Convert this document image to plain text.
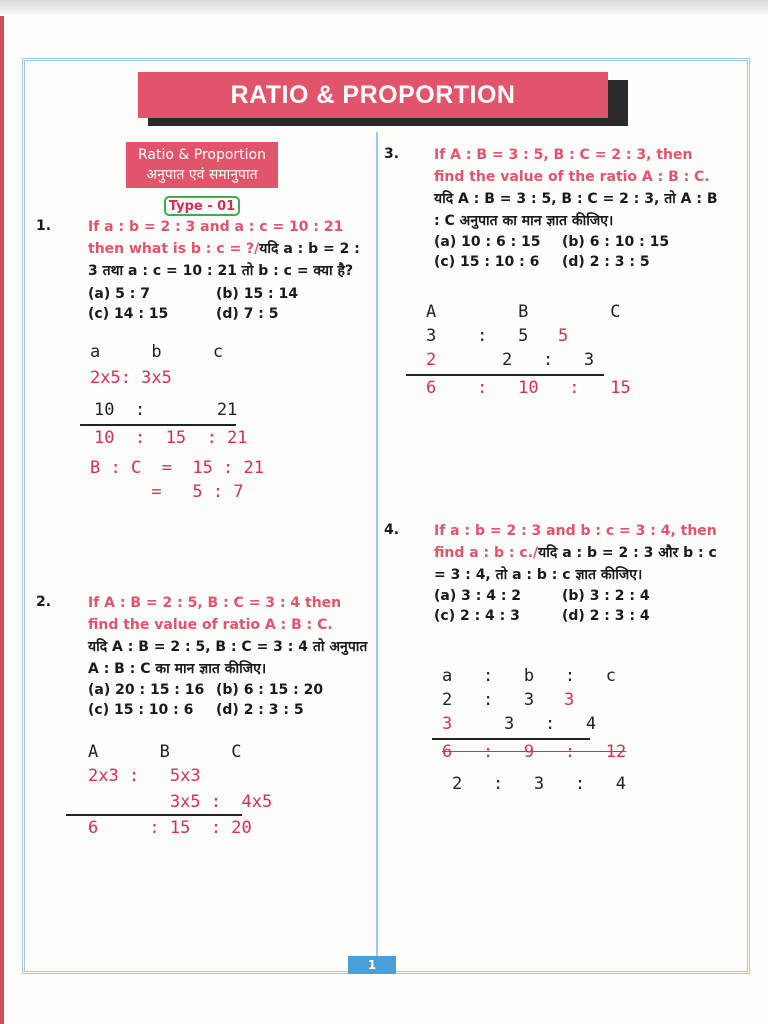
RATIO & PROPORTION
Ratio & Proportion
अनुपात एवं समानुपात
Type - 01
1.	If a : b = 2 : 3 and a : c = 10 : 21 then what is b : c = ?/यदि a : b = 2 : 3 तथा a : c = 10 : 21 तो b : c = क्या है?
(a) 5 : 7	(b) 15 : 14
(c) 14 : 15	(d) 7 : 5
a     b     c
2x5: 3x5
10  :       21
10  :  15  : 21
B : C  =  15 : 21
=   5 : 7
2.	If A : B = 2 : 5, B : C = 3 : 4 then find the value of ratio A : B : C.
यदि A : B = 2 : 5, B : C = 3 : 4 तो अनुपात A : B : C का मान ज्ञात कीजिए।
(a) 20 : 15 : 16 (b) 6 : 15 : 20
(c) 15 : 10 : 6	(d) 2 : 3 : 5
A      B      C
2x3 :   5x3
3x5 :  4x5
6     : 15  : 20
3. If A : B = 3 : 5, B : C = 2 : 3, then find the value of the ratio A : B : C.
यदि A : B = 3 : 5, B : C = 2 : 3, तो A : B : C अनुपात का मान ज्ञात कीजिए।
(a) 10 : 6 : 15	(b) 6 : 10 : 15
(c) 15 : 10 : 6	(d) 2 : 3 : 5
A        B        C
3    :   5 5
2	2   :   3
6    :   10   :   15
4. If a : b = 2 : 3 and b : c = 3 : 4, then find a : b : c./यदि a : b = 2 : 3 और b : c = 3 : 4, तो a : b : c ज्ञात कीजिए।
(a) 3 : 4 : 2	(b) 3 : 2 : 4
(c) 2 : 4 : 3	(d) 2 : 3 : 4
a   :   b   :   c
2   :   3 3
3	3   :   4
6   :   9   :   12
2   :   3   :   4
1
